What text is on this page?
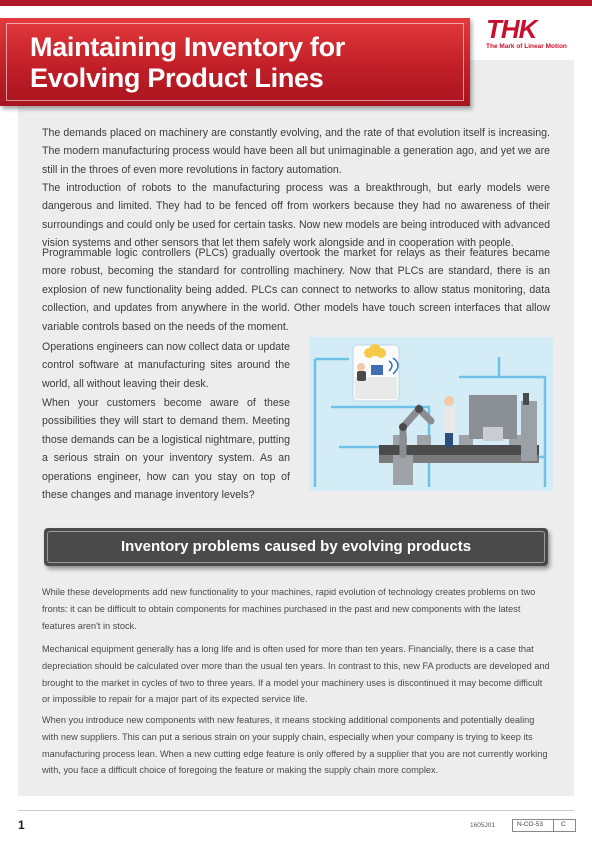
Maintaining Inventory for
Evolving Product Lines
THK
The Mark of Linear Motion

The demands placed on machinery are constantly evolving, and the rate of that evolution itself is increasing. The modern manufacturing process would have been all but unimaginable a generation ago, and yet we are still in the throes of even more revolutions in factory automation.

The introduction of robots to the manufacturing process was a breakthrough, but early models were dangerous and limited. They had to be fenced off from workers because they had no awareness of their surroundings and could only be used for certain tasks. Now new models are being introduced with advanced vision systems and other sensors that let them safely work alongside and in cooperation with people.

Programmable logic controllers (PLCs) gradually overtook the market for relays as their features became more robust, becoming the standard for controlling machinery. Now that PLCs are standard, there is an explosion of new functionality being added. PLCs can connect to networks to allow status monitoring, data collection, and updates from anywhere in the world. Other models have touch screen interfaces that allow variable controls based on the needs of the moment.

Operations engineers can now collect data or update control software at manufacturing sites around the world, all without leaving their desk.

When your customers become aware of these possibilities they will start to demand them. Meeting those demands can be a logistical nightmare, putting a serious strain on your inventory system. As an operations engineer, how can you stay on top of these changes and manage inventory levels?

Inventory problems caused by evolving products

While these developments add new functionality to your machines, rapid evolution of technology creates problems on two fronts: it can be difficult to obtain components for machines purchased in the past and new components with the latest features aren't in stock.

Mechanical equipment generally has a long life and is often used for more than ten years. Financially, there is a case that depreciation should be calculated over more than the usual ten years. In contrast to this, new FA products are developed and brought to the market in cycles of two to three years. If a model your machinery uses is discontinued it may become difficult or impossible to repair for a major part of its expected service life.

When you introduce new components with new features, it means stocking additional components and potentially dealing with new suppliers. This can put a serious strain on your supply chain, especially when your company is trying to keep its manufacturing process lean. When a new cutting edge feature is only offered by a supplier that you are not currently working with, you face a difficult choice of foregoing the feature or making the supply chain more complex.

1	1605J01	N-CO-53	C
